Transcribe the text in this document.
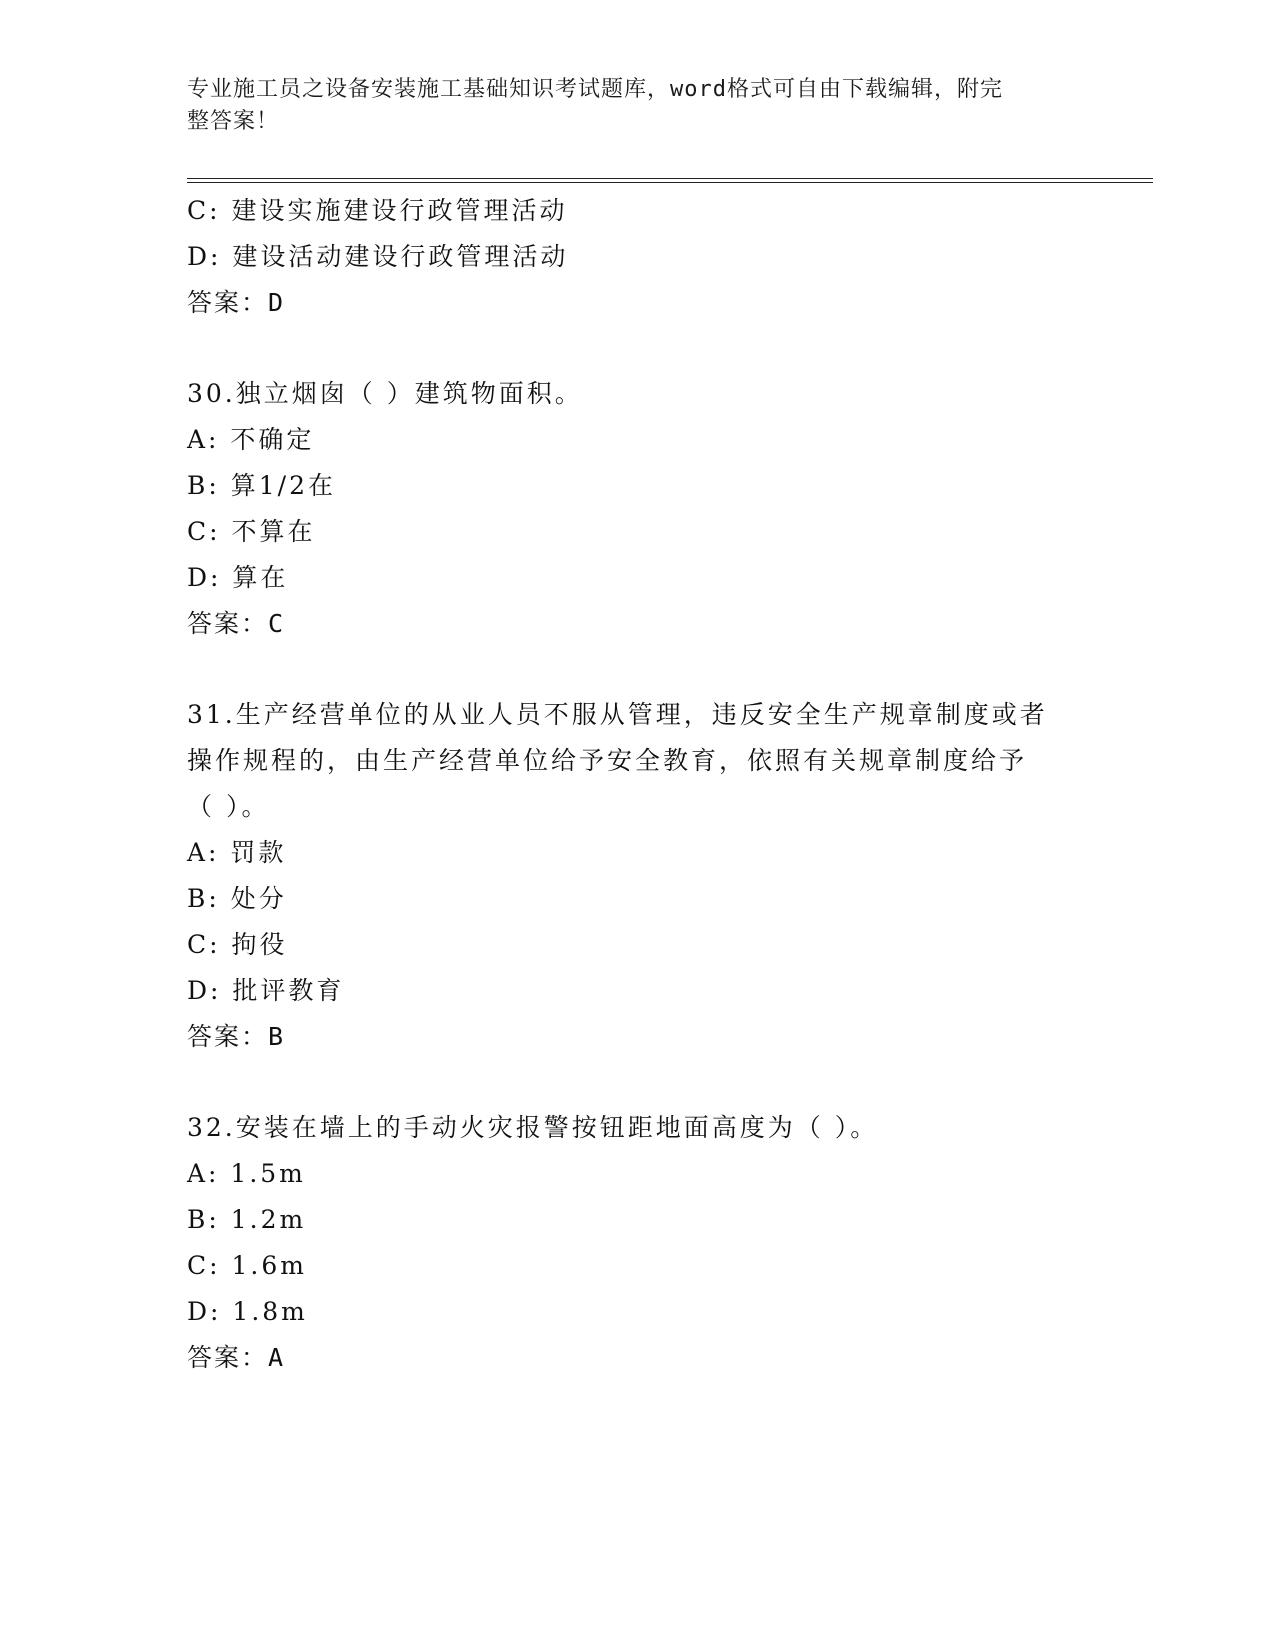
专业施工员之设备安装施工基础知识考试题库，word格式可自由下载编辑，附完
整答案！
C: 建设实施建设行政管理活动
D: 建设活动建设行政管理活动
答案：D
30.独立烟囱（ ）建筑物面积。
A: 不确定
B: 算1/2在
C: 不算在
D: 算在
答案：C
31.生产经营单位的从业人员不服从管理，违反安全生产规章制度或者
操作规程的，由生产经营单位给予安全教育，依照有关规章制度给予
（ ）。
A: 罚款
B: 处分
C: 拘役
D: 批评教育
答案：B
32.安装在墙上的手动火灾报警按钮距地面高度为（ ）。
A: 1.5m
B: 1.2m
C: 1.6m
D: 1.8m
答案：A
